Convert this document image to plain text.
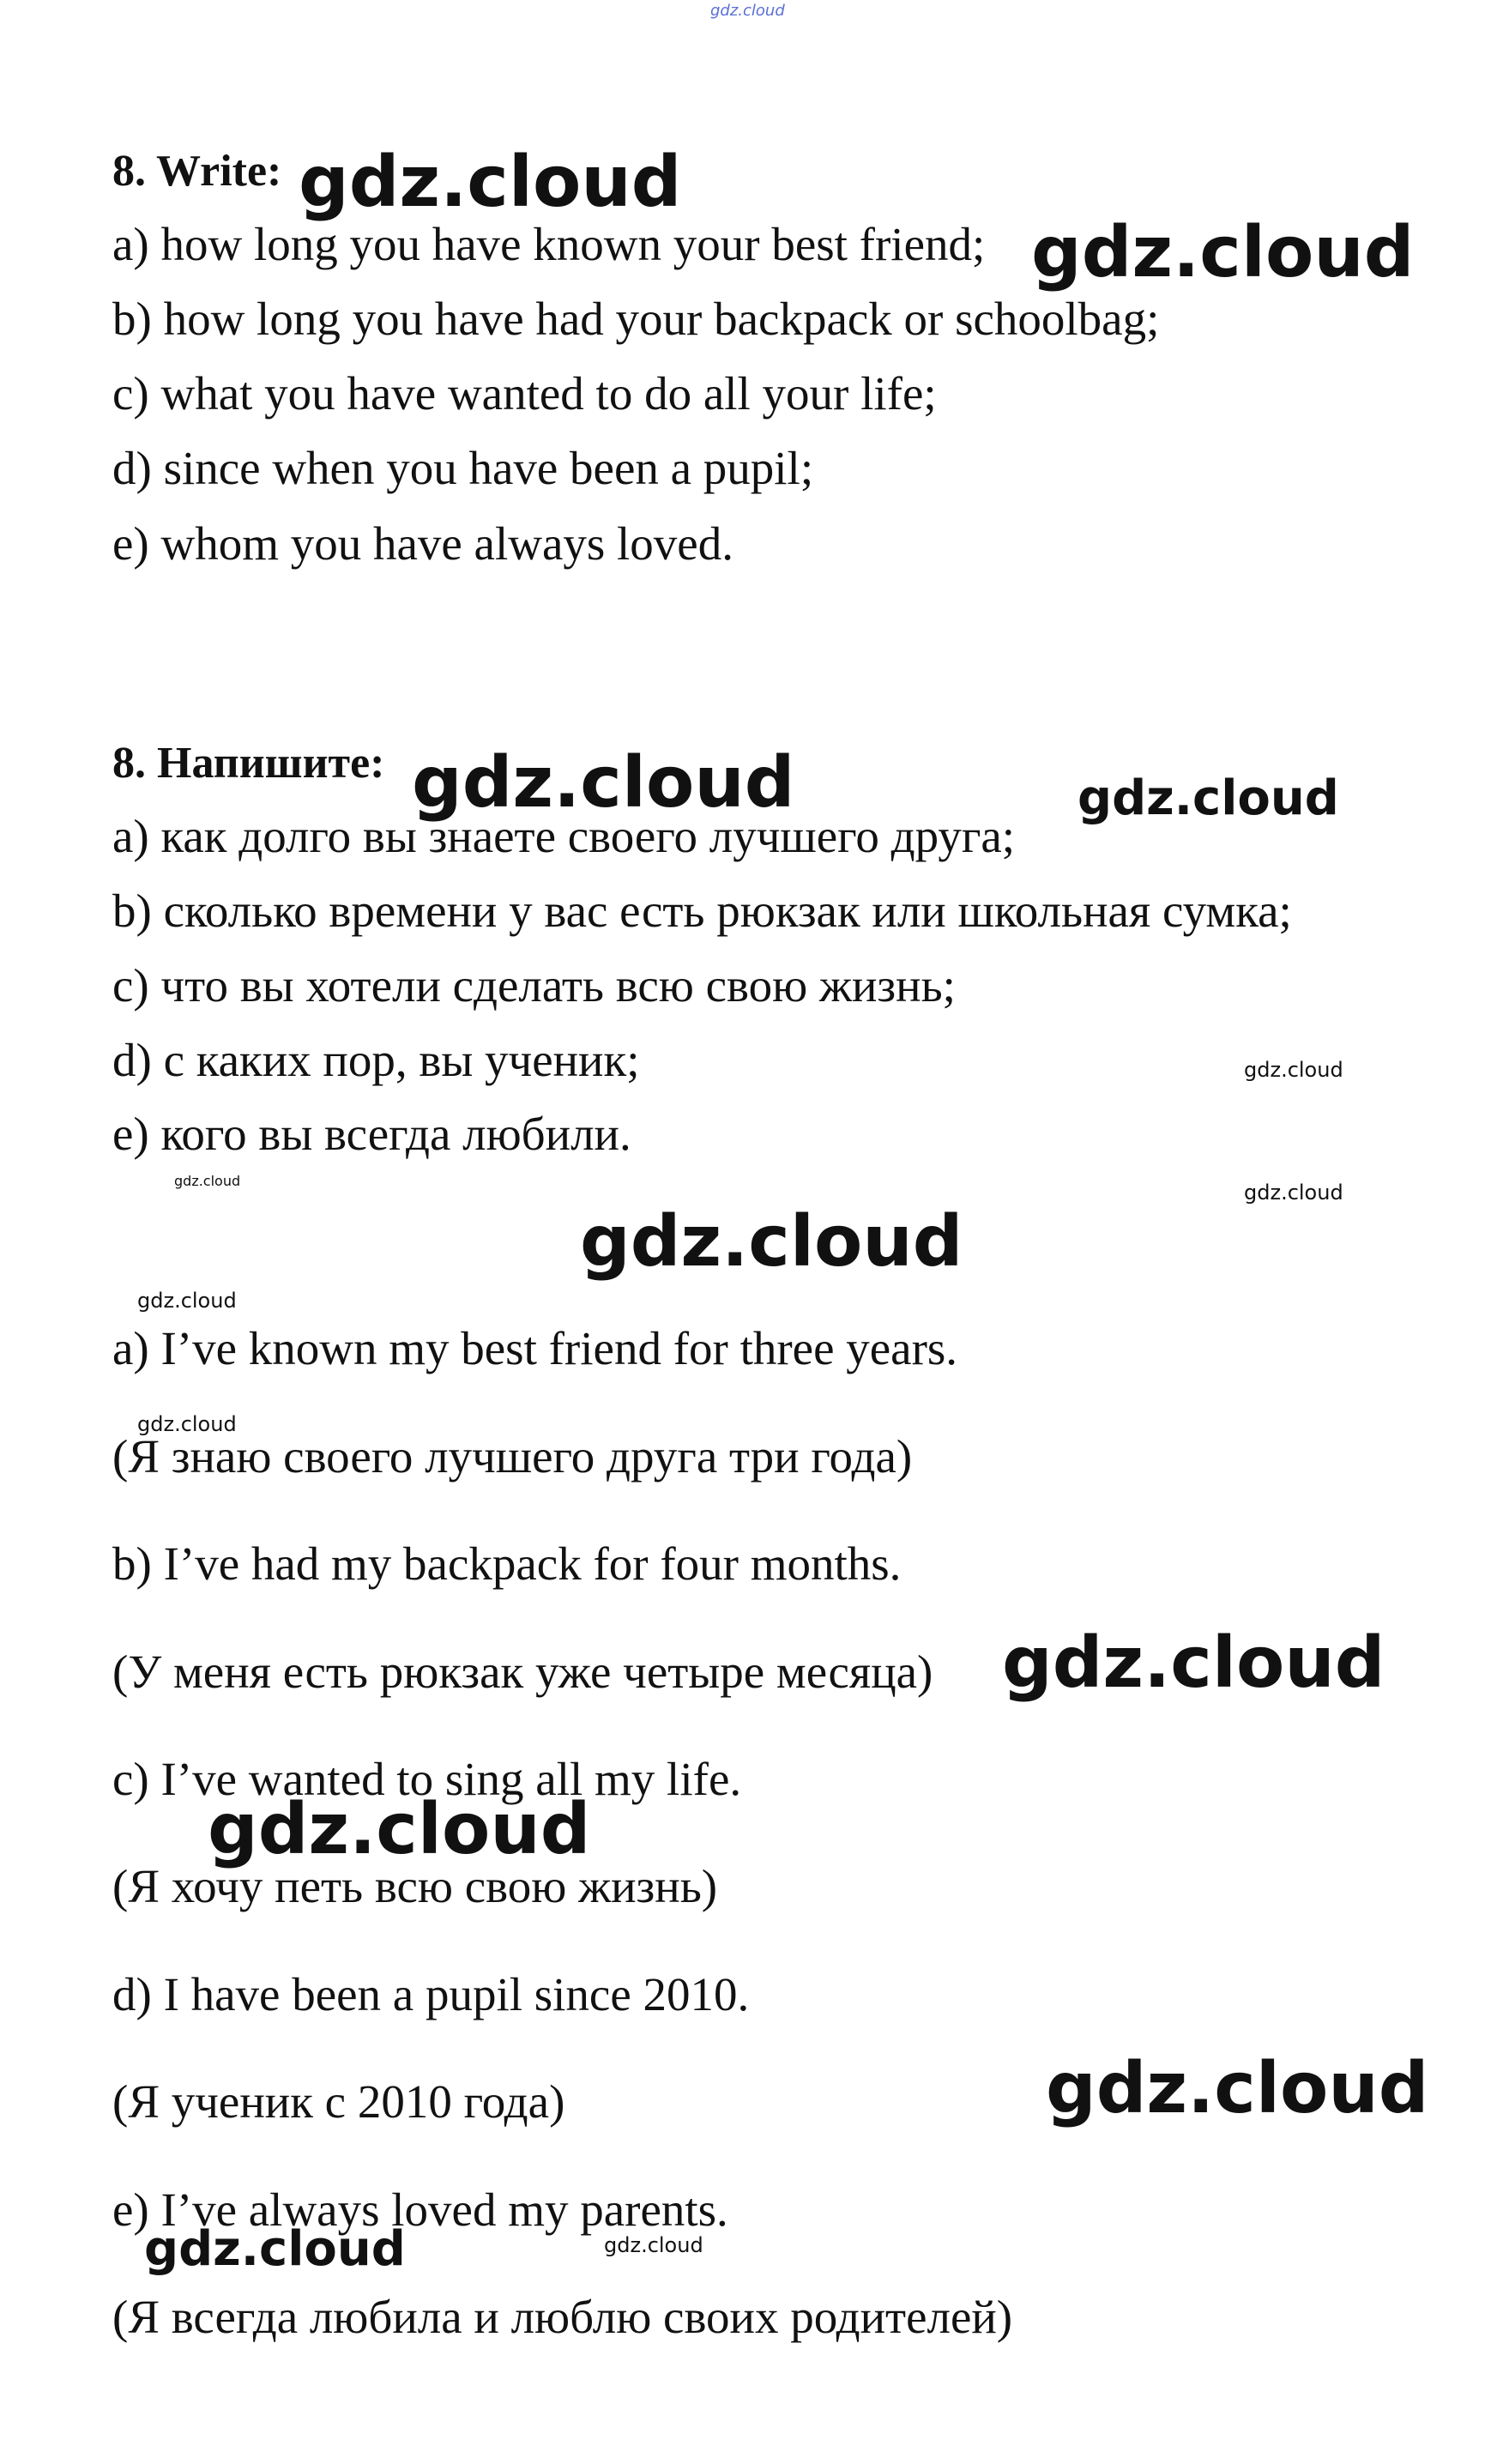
gdz.cloud
8. Write:
a) how long you have known your best friend;
b) how long you have had your backpack or schoolbag;
c) what you have wanted to do all your life;
d) since when you have been a pupil;
e) whom you have always loved.
8. Напишите:
а) как долго вы знаете своего лучшего друга;
b) сколько времени у вас есть рюкзак или школьная сумка;
с) что вы хотели сделать всю свою жизнь;
d) с каких пор, вы ученик;
е) кого вы всегда любили.
a) I’ve known my best friend for three years.
(Я знаю своего лучшего друга три года)
b) I’ve had my backpack for four months.
(У меня есть рюкзак уже четыре месяца)
c) I’ve wanted to sing all my life.
(Я хочу петь всю свою жизнь)
d) I have been a pupil since 2010.
(Я ученик с 2010 года)
e) I’ve always loved my parents.
(Я всегда любила и люблю своих родителей)
gdz.cloud
gdz.cloud
gdz.cloud	gdz.cloud
gdz.cloud
gdz.cloud	gdz.cloud
gdz.cloud
gdz.cloud
gdz.cloud
gdz.cloud
gdz.cloud
gdz.cloud
gdz.cloud	gdz.cloud
